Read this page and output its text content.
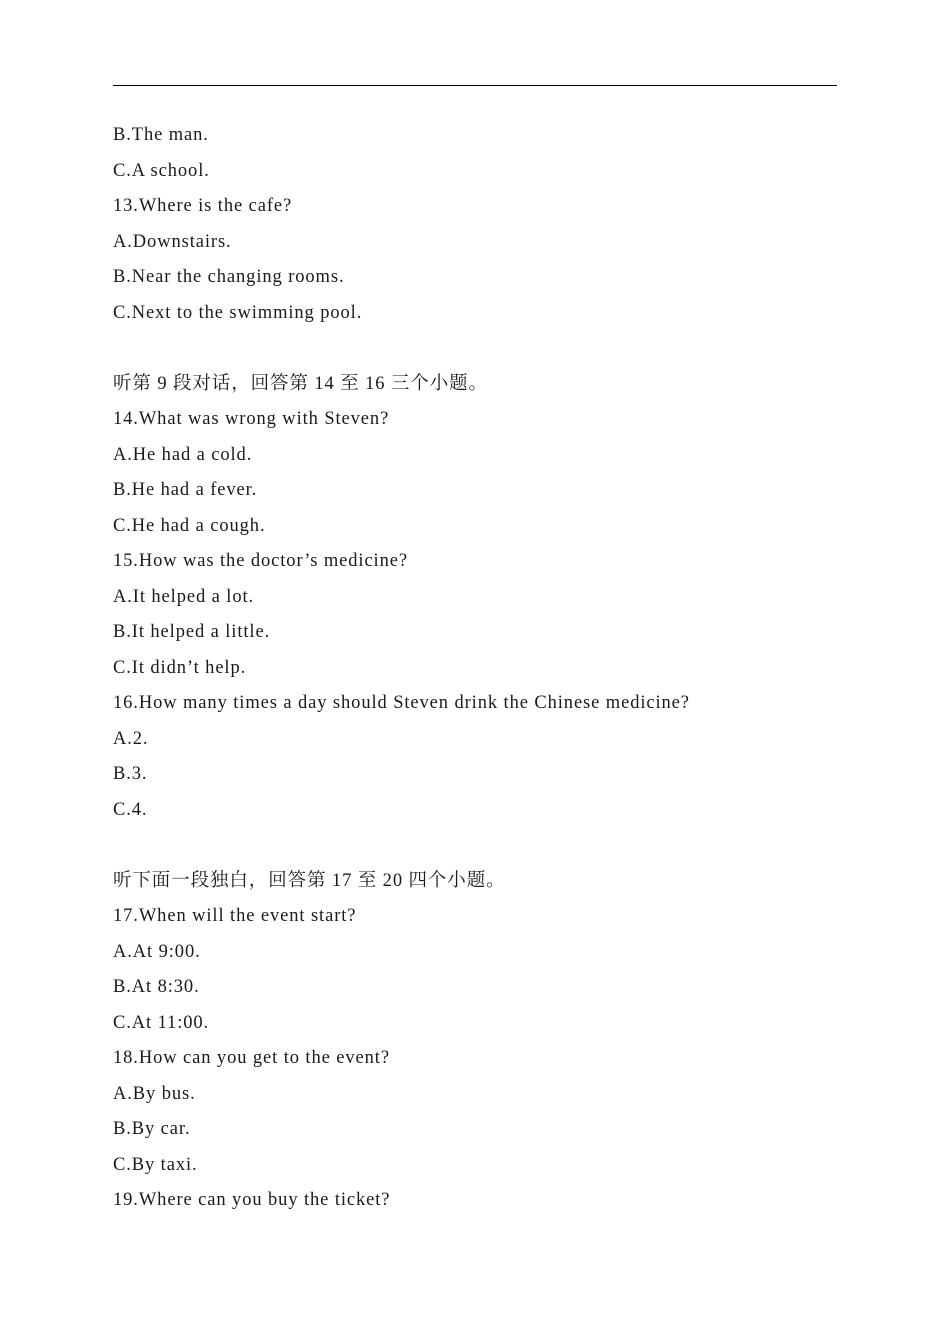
B.The man.
C.A school.
13.Where is the cafe?
A.Downstairs.
B.Near the changing rooms.
C.Next to the swimming pool.
听第 9 段对话，回答第 14 至 16 三个小题。
14.What was wrong with Steven?
A.He had a cold.
B.He had a fever.
C.He had a cough.
15.How was the doctor’s medicine?
A.It helped a lot.
B.It helped a little.
C.It didn’t help.
16.How many times a day should Steven drink the Chinese medicine?
A.2.
B.3.
C.4.
听下面一段独白，回答第 17 至 20 四个小题。
17.When will the event start?
A.At 9:00.
B.At 8:30.
C.At 11:00.
18.How can you get to the event?
A.By bus.
B.By car.
C.By taxi.
19.Where can you buy the ticket?
